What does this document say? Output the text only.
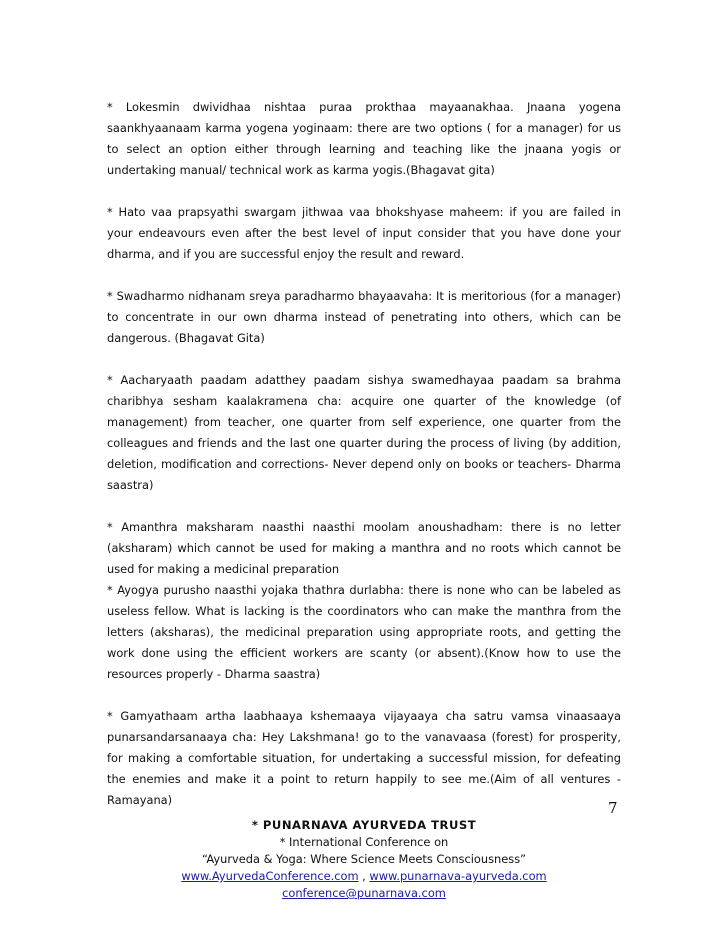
* Lokesmin dwividhaa nishtaa puraa prokthaa mayaanakhaa. Jnaana yogena saankhyaanaam karma yogena yoginaam: there are two options ( for a manager) for us to select an option either through learning and teaching like the jnaana yogis or undertaking manual/ technical work as karma yogis.(Bhagavat gita)

* Hato vaa prapsyathi swargam jithwaa vaa bhokshyase maheem: if you are failed in your endeavours even after the best level of input consider that you have done your dharma, and if you are successful enjoy the result and reward.

* Swadharmo nidhanam sreya paradharmo bhayaavaha: It is meritorious (for a manager) to concentrate in our own dharma instead of penetrating into others, which can be dangerous. (Bhagavat Gita)

* Aacharyaath paadam adatthey paadam sishya swamedhayaa paadam sa brahma charibhya sesham kaalakramena cha: acquire one quarter of the knowledge (of management) from teacher, one quarter from self experience, one quarter from the colleagues and friends and the last one quarter during the process of living (by addition, deletion, modification and corrections- Never depend only on books or teachers- Dharma saastra)

* Amanthra maksharam naasthi naasthi moolam anoushadham: there is no letter (aksharam) which cannot be used for making a manthra and no roots which cannot be used for making a medicinal preparation

* Ayogya purusho naasthi yojaka thathra durlabha: there is none who can be labeled as useless fellow. What is lacking is the coordinators who can make the manthra from the letters (aksharas), the medicinal preparation using appropriate roots, and getting the work done using the efficient workers are scanty (or absent).(Know how to use the resources properly - Dharma saastra)

* Gamyathaam artha laabhaaya kshemaaya vijayaaya cha satru vamsa vinaasaaya punarsandarsanaaya cha: Hey Lakshmana! go to the vanavaasa (forest) for prosperity, for making a comfortable situation, for undertaking a successful mission, for defeating the enemies and make it a point to return happily to see me.(Aim of all ventures -Ramayana)	7
* PUNARNAVA AYURVEDA TRUST
* International Conference on
“Ayurveda & Yoga: Where Science Meets Consciousness”
www.AyurvedaConference.com , www.punarnava-ayurveda.com
conference@punarnava.com
